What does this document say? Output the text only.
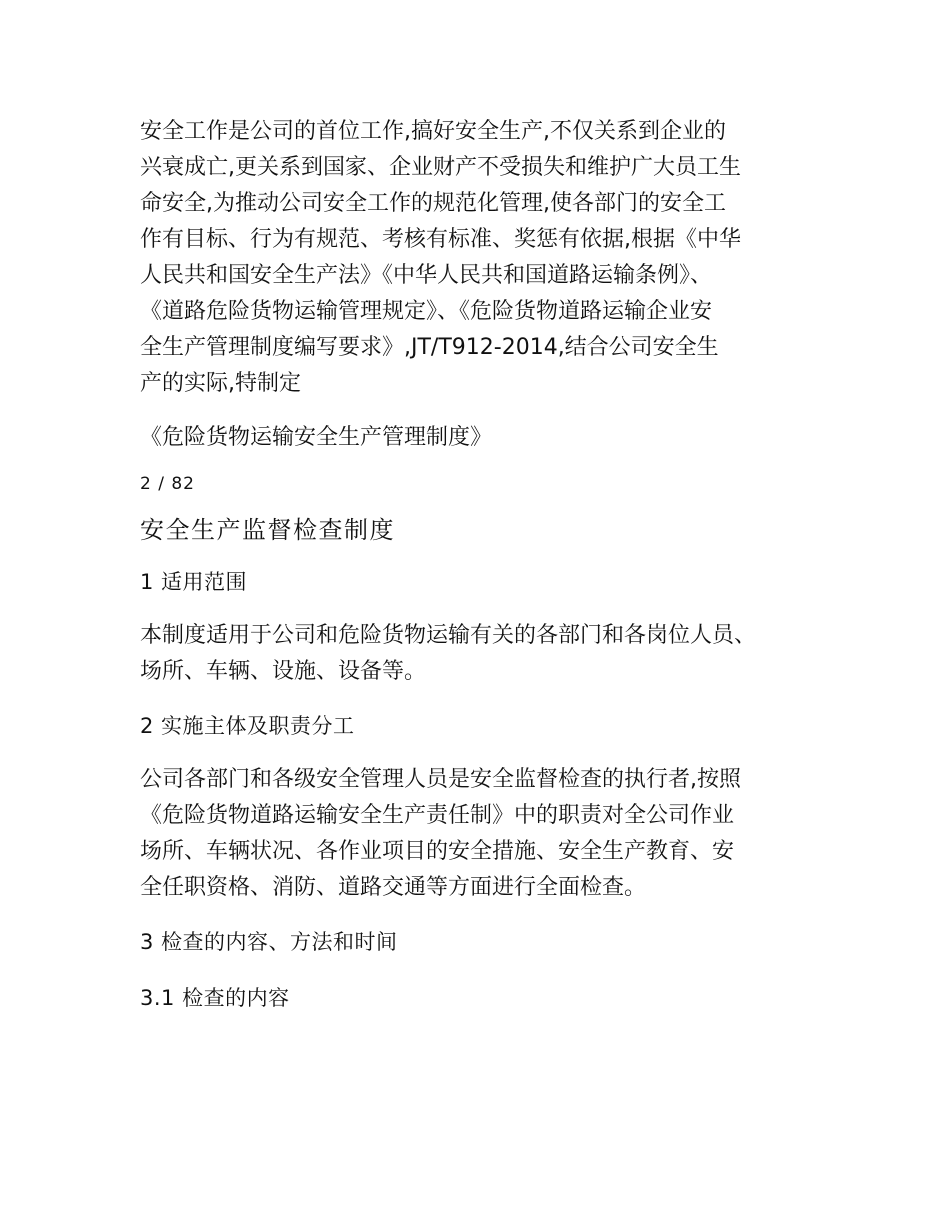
安全工作是公司的首位工作,搞好安全生产,不仅关系到企业的

兴衰成亡,更关系到国家、企业财产不受损失和维护广大员工生

命安全,为推动公司安全工作的规范化管理,使各部门的安全工

作有目标、行为有规范、考核有标准、奖惩有依据,根据《中华

人民共和国安全生产法》《中华人民共和国道路运输条例》、

《道路危险货物运输管理规定》、《危险货物道路运输企业安

全生产管理制度编写要求》,JT/T912-2014,结合公司安全生

产的实际,特制定

《危险货物运输安全生产管理制度》

2 / 82

安全生产监督检查制度

1 适用范围

本制度适用于公司和危险货物运输有关的各部门和各岗位人员、

场所、车辆、设施、设备等。

2 实施主体及职责分工

公司各部门和各级安全管理人员是安全监督检查的执行者,按照

《危险货物道路运输安全生产责任制》中的职责对全公司作业

场所、车辆状况、各作业项目的安全措施、安全生产教育、安

全任职资格、消防、道路交通等方面进行全面检查。

3 检查的内容、方法和时间

3.1 检查的内容
